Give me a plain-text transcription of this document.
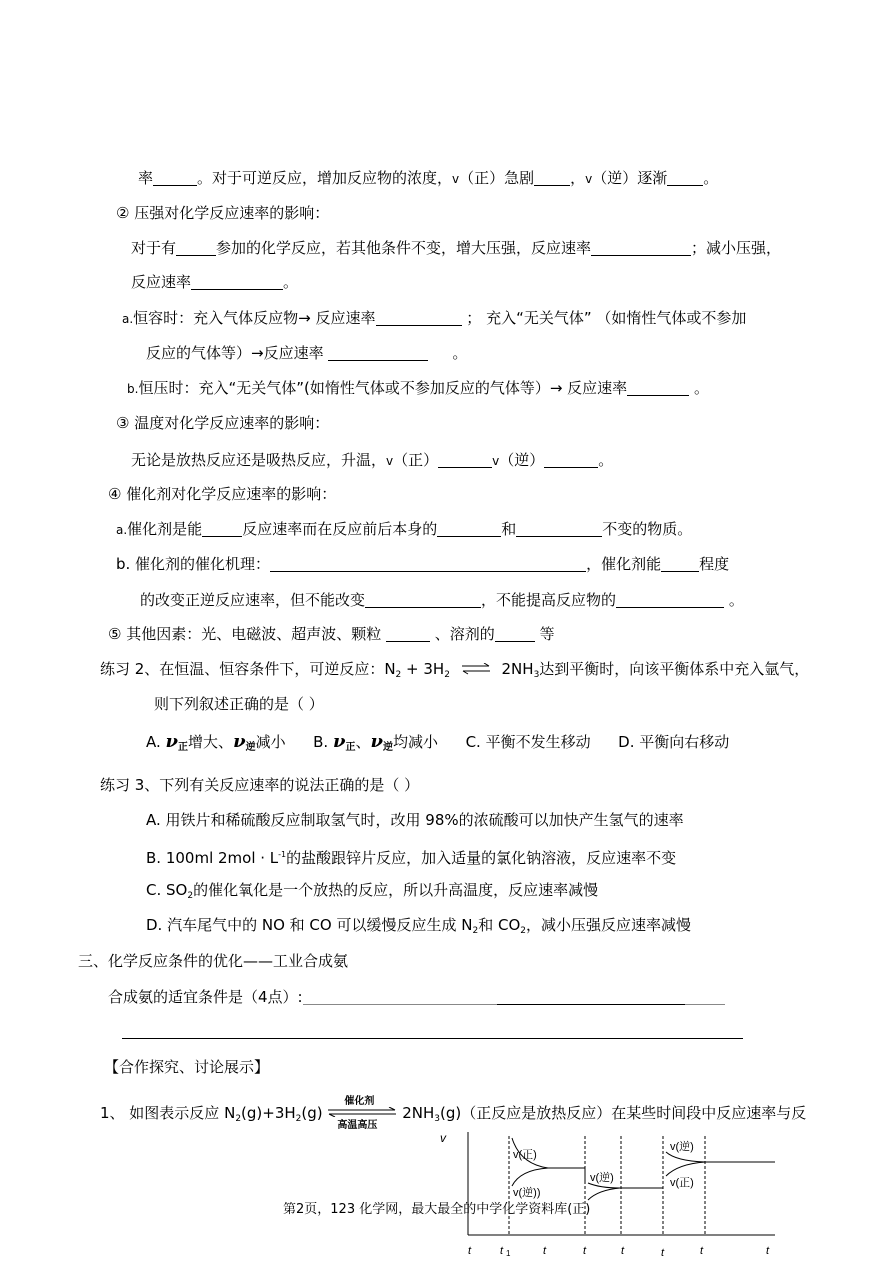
率	。对于可逆反应，增加反应物的浓度，v（正）急剧 ，v（逆）逐渐 。
② 压强对化学反应速率的影响：
对于有	参加的化学反应，若其他条件不变，增大压强，反应速率	；减小压强，
反应速率	。
a.恒容时：充入气体反应物→ 反应速率	； 充入“无关气体” （如惰性气体或不参加
反应的气体等）→反应速率	。
b.恒压时：充入“无关气体”(如惰性气体或不参加反应的气体等）→ 反应速率	。
③ 温度对化学反应速率的影响：
无论是放热反应还是吸热反应，升温，v（正）	v（逆）	。
④ 催化剂对化学反应速率的影响：
a.催化剂是能	反应速率而在反应前后本身的	和	不变的物质。
b. 催化剂的催化机理：	，催化剂能	程度
的改变正逆反应速率，但不能改变	，不能提高反应物的	。
⑤ 其他因素：光、电磁波、超声波、颗粒	、溶剂的	等
练习 2、在恒温、恒容条件下，可逆反应：$N_2 + 3H_2$ ⇌ $2NH_3$达到平衡时，向该平衡体系中充入氩气，
则下列叙述正确的是（ ）
A. $\nu_正$增大、$\nu_逆$减小 B. $\nu_正$、$\nu_逆$均减小 C. 平衡不发生移动 D. 平衡向右移动
练习 3、下列有关反应速率的说法正确的是（ ）
A. 用铁片和稀硫酸反应制取氢气时，改用 98%的浓硫酸可以加快产生氢气的速率
B. 100ml $2mol \cdot L^{-1}$的盐酸跟锌片反应，加入适量的氯化钠溶液，反应速率不变
C. $SO_2$的催化氧化是一个放热的反应，所以升高温度，反应速率减慢
D. 汽车尾气中的 NO 和 CO 可以缓慢反应生成 $N_2$和 $CO_2$，减小压强反应速率减慢
三、化学反应条件的优化——工业合成氨
合成氨的适宜条件是（4点）:
【合作探究、讨论展示】
1、 如图表示反应 $N_2(g)+3H_2(g)$
催化剂
高温高压
$2NH_3(g)$（正反应是放热反应）在某些时间段中反应速率与反
v
v(正)
v(逆))
v(逆)
v(逆)
v(正)
t	t 1	t	t	t	t	t	t
第2页，123 化学网，最大最全的中学化学资料库(正)
